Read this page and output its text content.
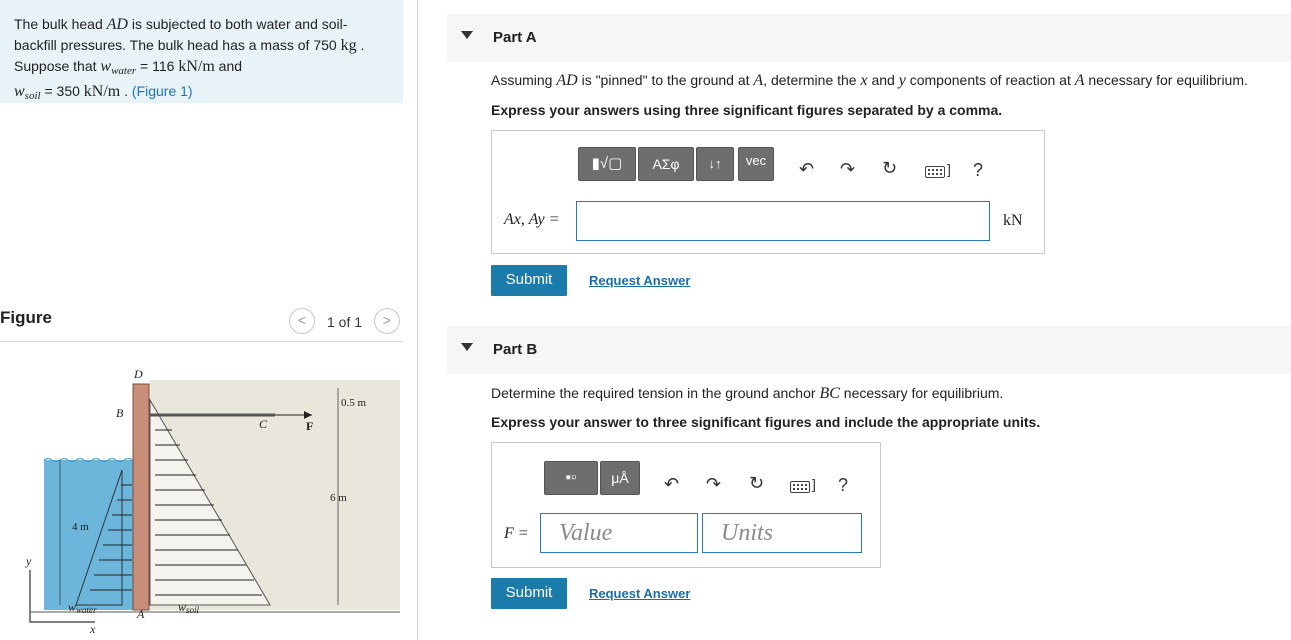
The bulk head AD is subjected to both water and soil-
backfill pressures. The bulk head has a mass of 750 kg .
Suppose that $w_{water} = 116$ kN/m and
$w_{soil} = 350$ kN/m . (Figure 1)
Figure	<	1 of 1	>
D
B
C	F
A
0.5 m
6 m
4 m
y
x
wwater	wsoil
Part A
Assuming AD is "pinned" to the ground at A, determine the x and y components of reaction at A necessary for equilibrium.
Express your answers using three significant figures separated by a comma.
▮√▢	ΑΣφ	↓↑	vec	↶ ↷ ↻	] ?
Ax, Ay =	kN
Submit	Request Answer
Part B
Determine the required tension in the ground anchor BC necessary for equilibrium.
Express your answer to three significant figures and include the appropriate units.
▪▫	μÅ	↶ ↷ ↻	] ?
F =	Value	Units
Submit	Request Answer
